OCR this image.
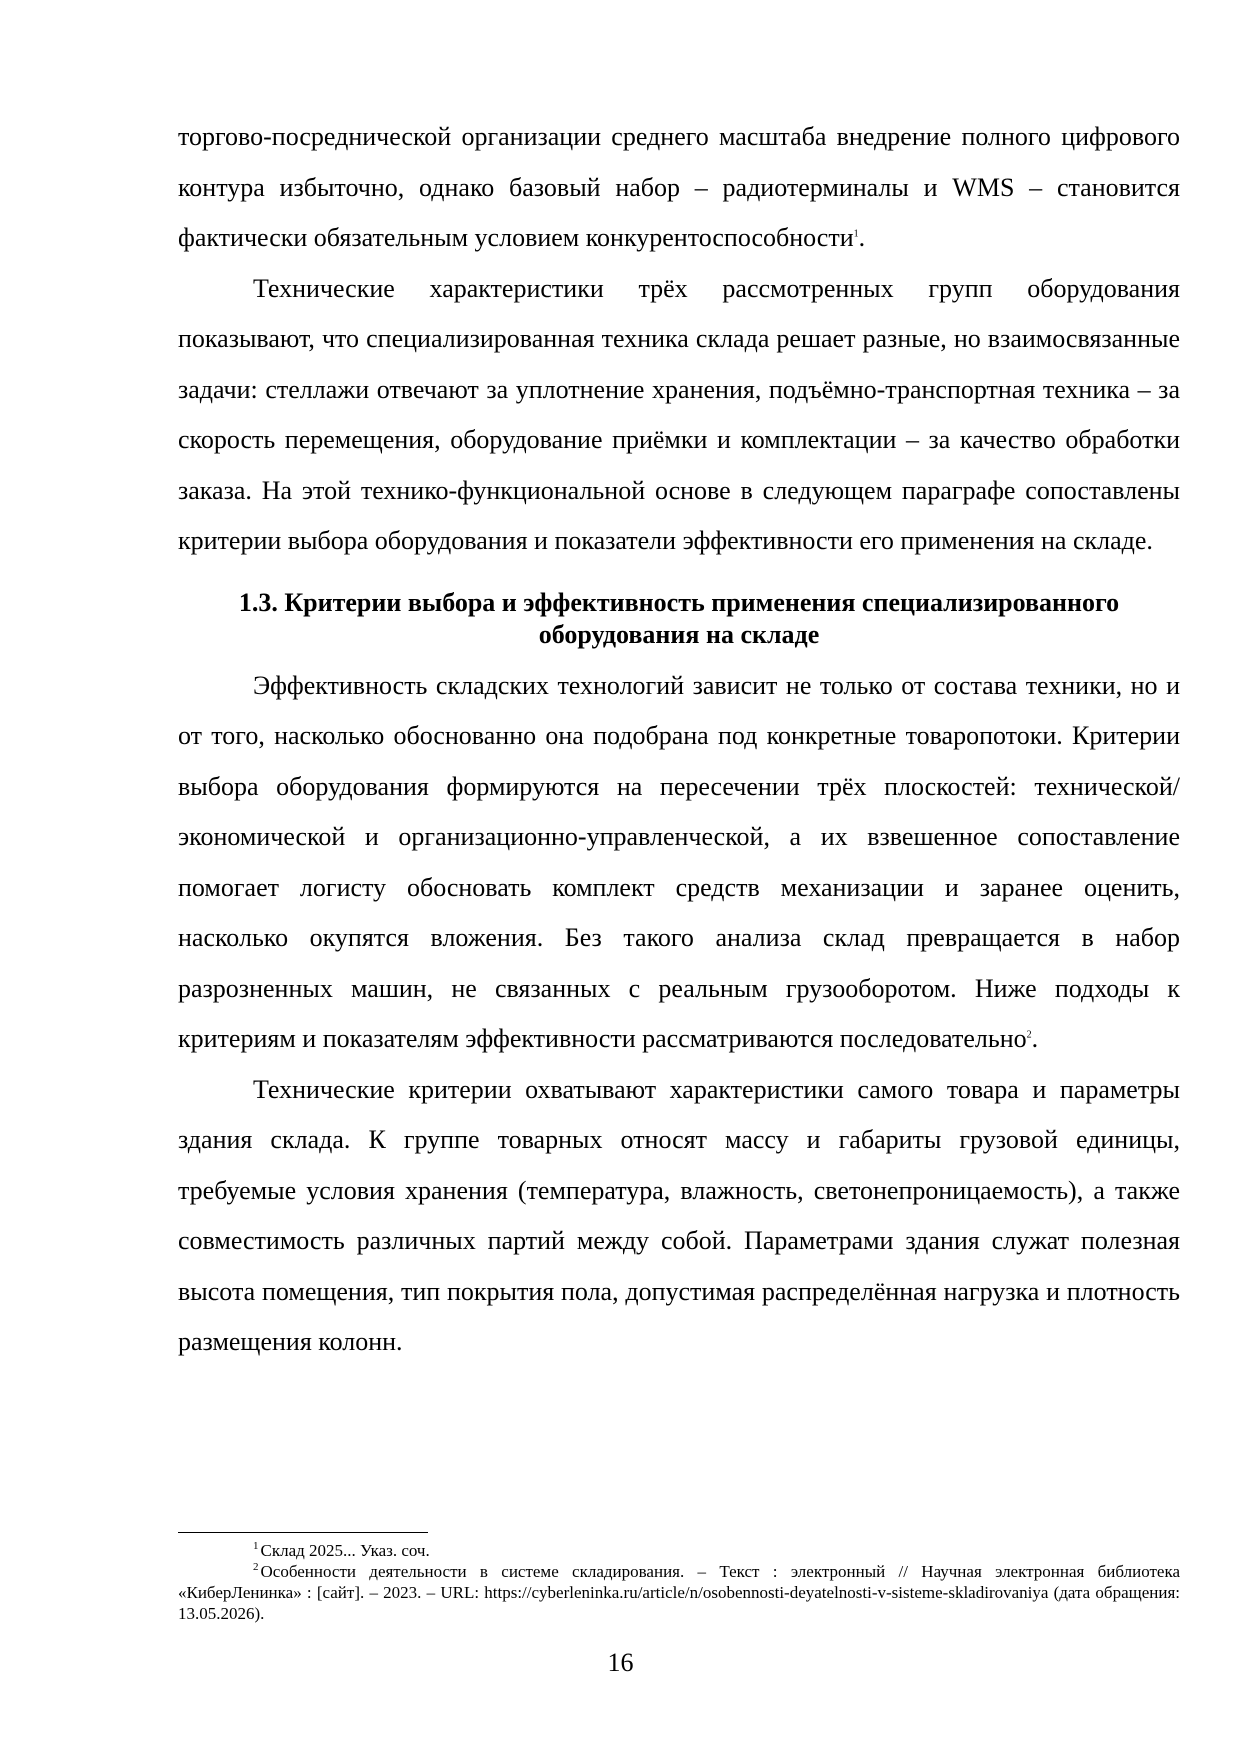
торгово-посреднической организации среднего масштаба внедрение полного цифрового контура избыточно, однако базовый набор – радиотерминалы и WMS – становится фактически обязательным условием конкурентоспособности$^1$.

Технические характеристики трёх рассмотренных групп оборудования показывают, что специализированная техника склада решает разные, но взаимосвязанные задачи: стеллажи отвечают за уплотнение хранения, подъёмно-транспортная техника – за скорость перемещения, оборудование приёмки и комплектации – за качество обработки заказа. На этой технико-функциональной основе в следующем параграфе сопоставлены критерии выбора оборудования и показатели эффективности его применения на складе.

1.3. Критерии выбора и эффективность применения специализированного оборудования на складе

Эффективность складских технологий зависит не только от состава техники, но и от того, насколько обоснованно она подобрана под конкретные товаропотоки. Критерии выбора оборудования формируются на пересечении трёх плоскостей: технической/экономической и организационно-управленческой, а их взвешенное сопоставление помогает логисту обосновать комплект средств механизации и заранее оценить, насколько окупятся вложения. Без такого анализа склад превращается в набор разрозненных машин, не связанных с реальным грузооборотом. Ниже подходы к критериям и показателям эффективности рассматриваются последовательно$^2$.

Технические критерии охватывают характеристики самого товара и параметры здания склада. К группе товарных относят массу и габариты грузовой единицы, требуемые условия хранения (температура, влажность, светонепроницаемость), а также совместимость различных партий между собой. Параметрами здания служат полезная высота помещения, тип покрытия пола, допустимая распределённая нагрузка и плотность размещения колонн.

$^1$ Склад 2025... Указ. соч.

$^2$ Особенности деятельности в системе складирования. – Текст : электронный // Научная электронная библиотека «КиберЛенинка» : [сайт]. – 2023. – URL: https://cyberleninka.ru/article/n/osobennosti-deyatelnosti-v-sisteme-skladirovaniya (дата обращения: 13.05.2026).

16
